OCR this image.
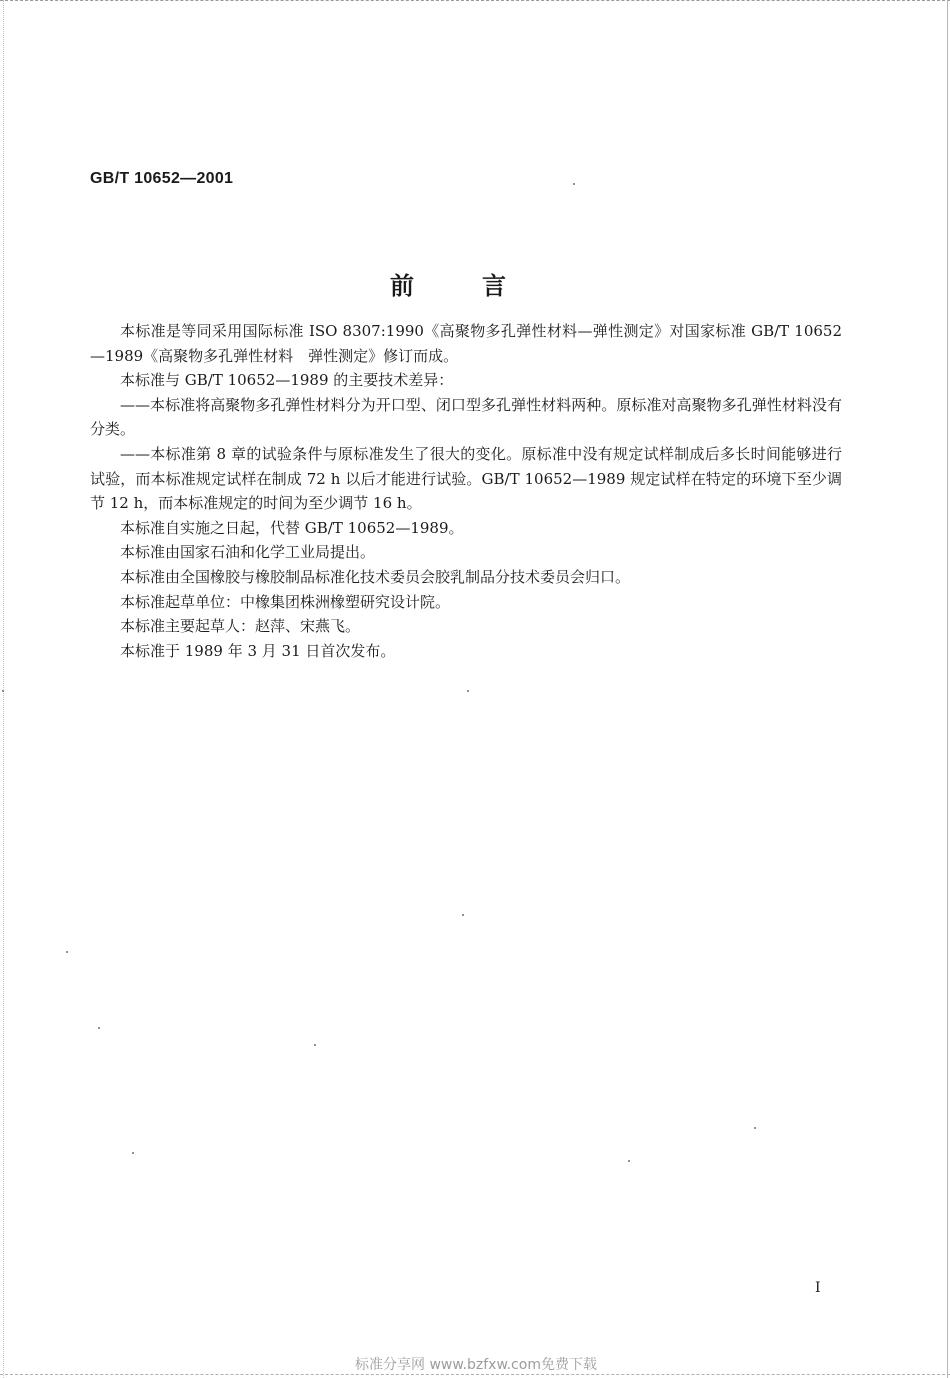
GB/T 10652—2001
前言

本标准是等同采用国际标准 ISO 8307:1990《高聚物多孔弹性材料—弹性测定》对国家标准 GB/T 10652—1989《高聚物多孔弹性材料　弹性测定》修订而成。

本标准与 GB/T 10652—1989 的主要技术差异：

——本标准将高聚物多孔弹性材料分为开口型、闭口型多孔弹性材料两种。原标准对高聚物多孔弹性材料没有分类。

——本标准第 8 章的试验条件与原标准发生了很大的变化。原标准中没有规定试样制成后多长时间能够进行试验，而本标准规定试样在制成 72 h 以后才能进行试验。GB/T 10652—1989 规定试样在特定的环境下至少调节 12 h，而本标准规定的时间为至少调节 16 h。

本标准自实施之日起，代替 GB/T 10652—1989。

本标准由国家石油和化学工业局提出。

本标准由全国橡胶与橡胶制品标准化技术委员会胶乳制品分技术委员会归口。

本标准起草单位：中橡集团株洲橡塑研究设计院。

本标准主要起草人：赵萍、宋燕飞。

本标准于 1989 年 3 月 31 日首次发布。

I
标准分享网 www.bzfxw.com免费下载
